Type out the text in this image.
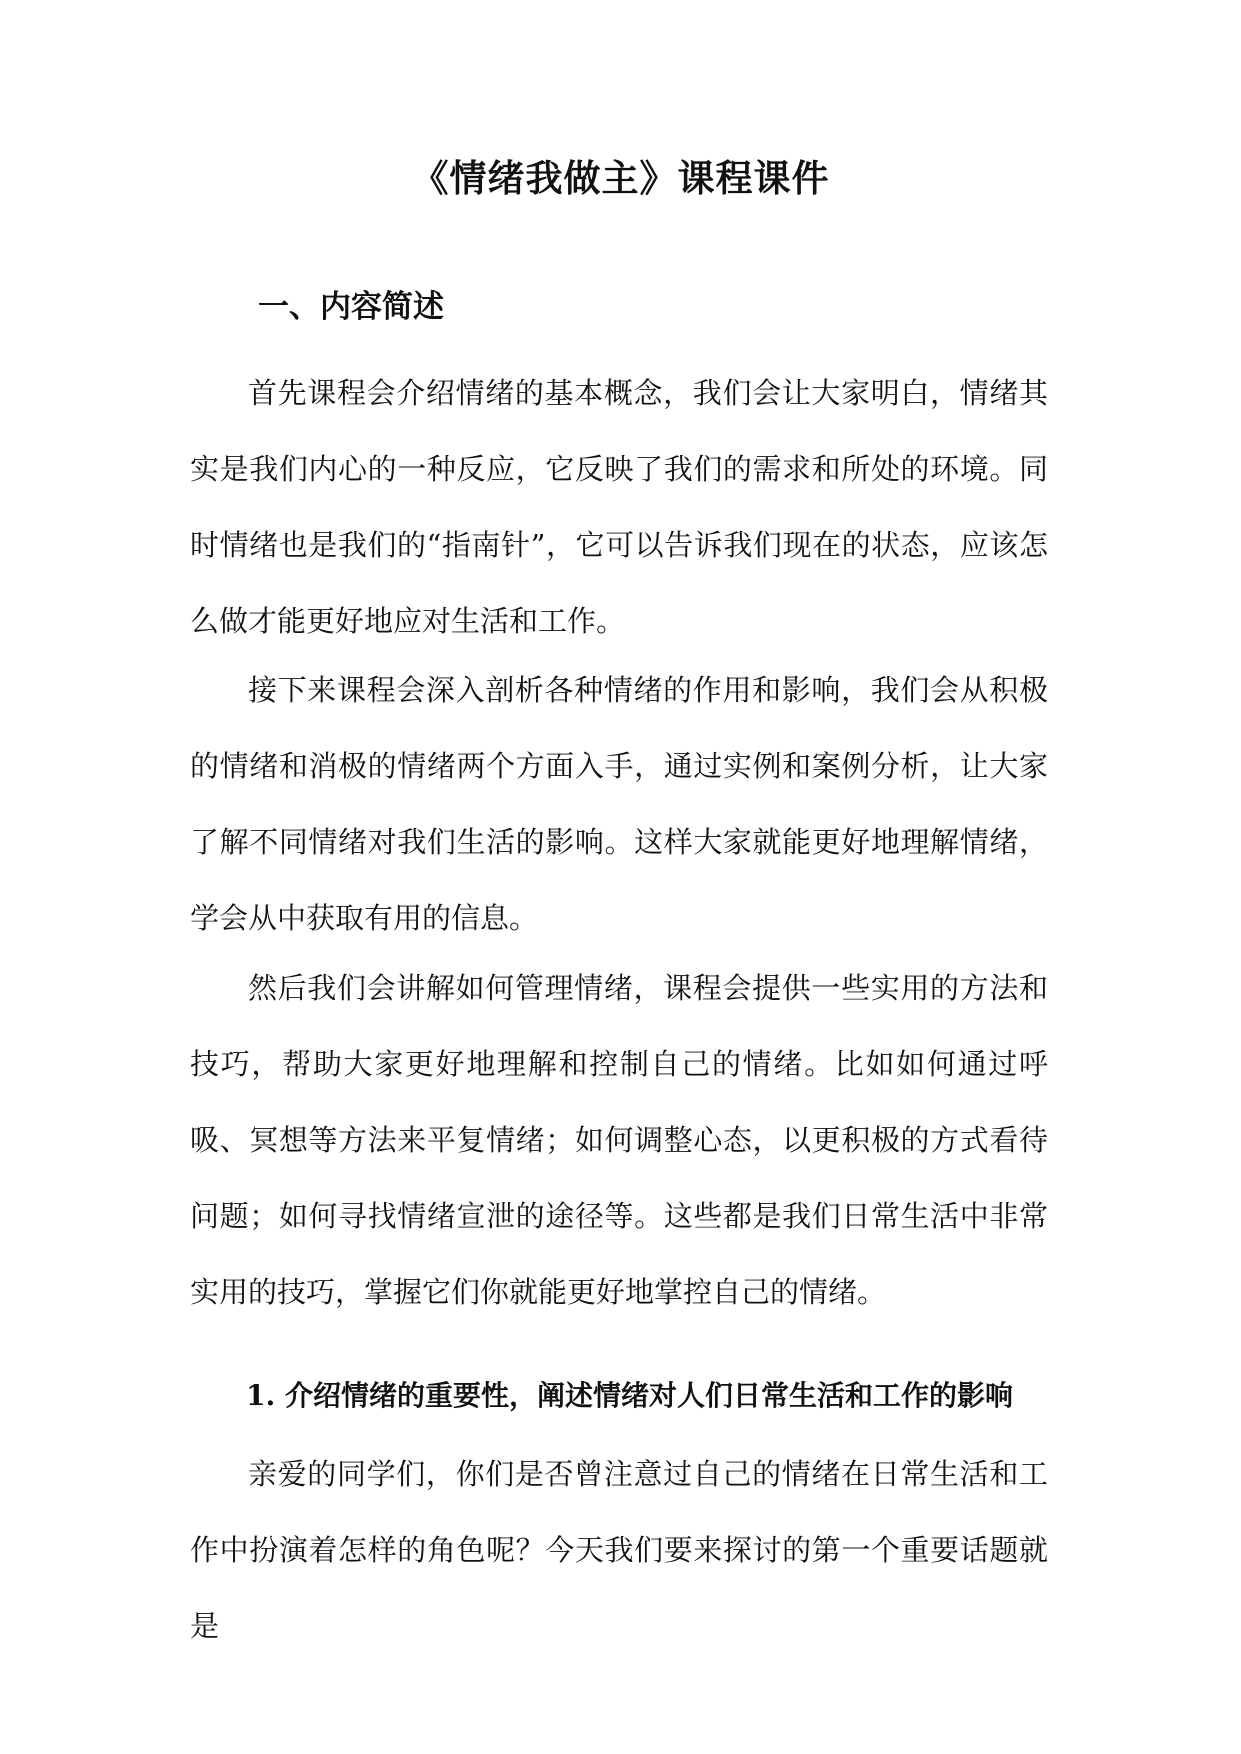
《情绪我做主》课程课件
一、内容简述

首先课程会介绍情绪的基本概念，我们会让大家明白，情绪其实是我们内心的一种反应，它反映了我们的需求和所处的环境。同时情绪也是我们的“指南针”，它可以告诉我们现在的状态，应该怎么做才能更好地应对生活和工作。

接下来课程会深入剖析各种情绪的作用和影响，我们会从积极的情绪和消极的情绪两个方面入手，通过实例和案例分析，让大家了解不同情绪对我们生活的影响。这样大家就能更好地理解情绪，学会从中获取有用的信息。

然后我们会讲解如何管理情绪，课程会提供一些实用的方法和技巧，帮助大家更好地理解和控制自己的情绪。比如如何通过呼吸、冥想等方法来平复情绪；如何调整心态，以更积极的方式看待问题；如何寻找情绪宣泄的途径等。这些都是我们日常生活中非常实用的技巧，掌握它们你就能更好地掌控自己的情绪。

1. 介绍情绪的重要性，阐述情绪对人们日常生活和工作的影响

亲爱的同学们，你们是否曾注意过自己的情绪在日常生活和工作中扮演着怎样的角色呢？今天我们要来探讨的第一个重要话题就是
